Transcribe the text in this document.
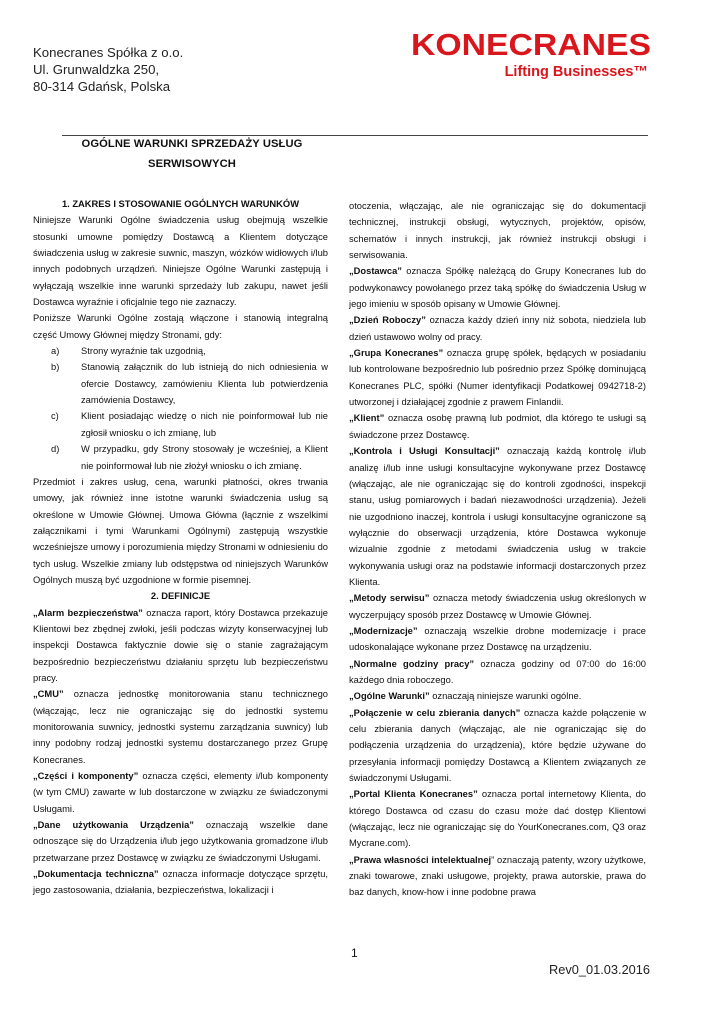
Konecranes Spółka z o.o.
Ul. Grunwaldzka 250,
80-314 Gdańsk, Polska
KONECRANES
Lifting Businesses™
OGÓLNE WARUNKI SPRZEDAŻY USŁUG
SERWISOWYCH

1. ZAKRES I STOSOWANIE OGÓLNYCH WARUNKÓW

Niniejsze Warunki Ogólne świadczenia usług obejmują wszelkie stosunki umowne pomiędzy Dostawcą a Klientem dotyczące świadczenia usług w zakresie suwnic, maszyn, wózków widłowych i/lub innych podobnych urządzeń. Niniejsze Ogólne Warunki zastępują i wyłączają wszelkie inne warunki sprzedaży lub zakupu, nawet jeśli Dostawca wyraźnie i oficjalnie tego nie zaznaczy.

Poniższe Warunki Ogólne zostają włączone i stanowią integralną część Umowy Głównej między Stronami, gdy:

a) Strony wyraźnie tak uzgodnią,
b) Stanowią załącznik do lub istnieją do nich odniesienia w ofercie Dostawcy, zamówieniu Klienta lub potwierdzenia zamówienia Dostawcy,
c) Klient posiadając wiedzę o nich nie poinformował lub nie zgłosił wniosku o ich zmianę, lub
d) W przypadku, gdy Strony stosowały je wcześniej, a Klient nie poinformował lub nie złożył wniosku o ich zmianę.

Przedmiot i zakres usług, cena, warunki płatności, okres trwania umowy, jak również inne istotne warunki świadczenia usług są określone w Umowie Głównej. Umowa Główna (łącznie z wszelkimi załącznikami i tymi Warunkami Ogólnymi) zastępują wszystkie wcześniejsze umowy i porozumienia między Stronami w odniesieniu do tych usług. Wszelkie zmiany lub odstępstwa od niniejszych Warunków Ogólnych muszą być uzgodnione w formie pisemnej.

2. DEFINICJE

„Alarm bezpieczeństwa” oznacza raport, który Dostawca przekazuje Klientowi bez zbędnej zwłoki, jeśli podczas wizyty konserwacyjnej lub inspekcji Dostawca faktycznie dowie się o stanie zagrażającym bezpośrednio bezpieczeństwu działaniu sprzętu lub bezpieczeństwu pracy.

„CMU” oznacza jednostkę monitorowania stanu technicznego (włączając, lecz nie ograniczając się do jednostki systemu monitorowania suwnicy, jednostki systemu zarządzania suwnicy) lub inny podobny rodzaj jednostki systemu dostarczanego przez Grupę Konecranes.

„Części i komponenty” oznacza części, elementy i/lub komponenty (w tym CMU) zawarte w lub dostarczone w związku ze świadczonymi Usługami.

„Dane użytkowania Urządzenia” oznaczają wszelkie dane odnoszące się do Urządzenia i/lub jego użytkowania gromadzone i/lub przetwarzane przez Dostawcę w związku ze świadczonymi Usługami.

„Dokumentacja techniczna” oznacza informacje dotyczące sprzętu, jego zastosowania, działania, bezpieczeństwa, lokalizacji i

otoczenia, włączając, ale nie ograniczając się do dokumentacji technicznej, instrukcji obsługi, wytycznych, projektów, opisów, schematów i innych instrukcji, jak również instrukcji obsługi i serwisowania.

„Dostawca” oznacza Spółkę należącą do Grupy Konecranes lub do podwykonawcy powołanego przez taką spółkę do świadczenia Usług w jego imieniu w sposób opisany w Umowie Głównej.

„Dzień Roboczy” oznacza każdy dzień inny niż sobota, niedziela lub dzień ustawowo wolny od pracy.

„Grupa Konecranes” oznacza grupę spółek, będących w posiadaniu lub kontrolowane bezpośrednio lub pośrednio przez Spółkę dominującą Konecranes PLC, spółki (Numer identyfikacji Podatkowej 0942718-2) utworzonej i działającej zgodnie z prawem Finlandii.

„Klient” oznacza osobę prawną lub podmiot, dla którego te usługi są świadczone przez Dostawcę.

„Kontrola i Usługi Konsultacji” oznaczają każdą kontrolę i/lub analizę i/lub inne usługi konsultacyjne wykonywane przez Dostawcę (włączając, ale nie ograniczając się do kontroli zgodności, inspekcji stanu, usług pomiarowych i badań niezawodności urządzenia). Jeżeli nie uzgodniono inaczej, kontrola i usługi konsultacyjne ograniczone są wyłącznie do obserwacji urządzenia, które Dostawca wykonuje wizualnie zgodnie z metodami świadczenia usług w trakcie wykonywania usługi oraz na podstawie informacji dostarczonych przez Klienta.

„Metody serwisu” oznacza metody świadczenia usług określonych w wyczerpujący sposób przez Dostawcę w Umowie Głównej.

„Modernizacje” oznaczają wszelkie drobne modernizacje i prace udoskonalające wykonane przez Dostawcę na urządzeniu.

„Normalne godziny pracy” oznacza godziny od 07:00 do 16:00 każdego dnia roboczego.

„Ogólne Warunki” oznaczają niniejsze warunki ogólne.

„Połączenie w celu zbierania danych” oznacza każde połączenie w celu zbierania danych (włączając, ale nie ograniczając się do podłączenia urządzenia do urządzenia), które będzie używane do przesyłania informacji pomiędzy Dostawcą a Klientem związanych ze świadczonymi Usługami.

„Portal Klienta Konecranes” oznacza portal internetowy Klienta, do którego Dostawca od czasu do czasu może dać dostęp Klientowi (włączając, lecz nie ograniczając się do YourKonecranes.com, Q3 oraz Mycrane.com).

„Prawa własności intelektualnej” oznaczają patenty, wzory użytkowe, znaki towarowe, znaki usługowe, projekty, prawa autorskie, prawa do baz danych, know-how i inne podobne prawa

1
Rev0_01.03.2016
